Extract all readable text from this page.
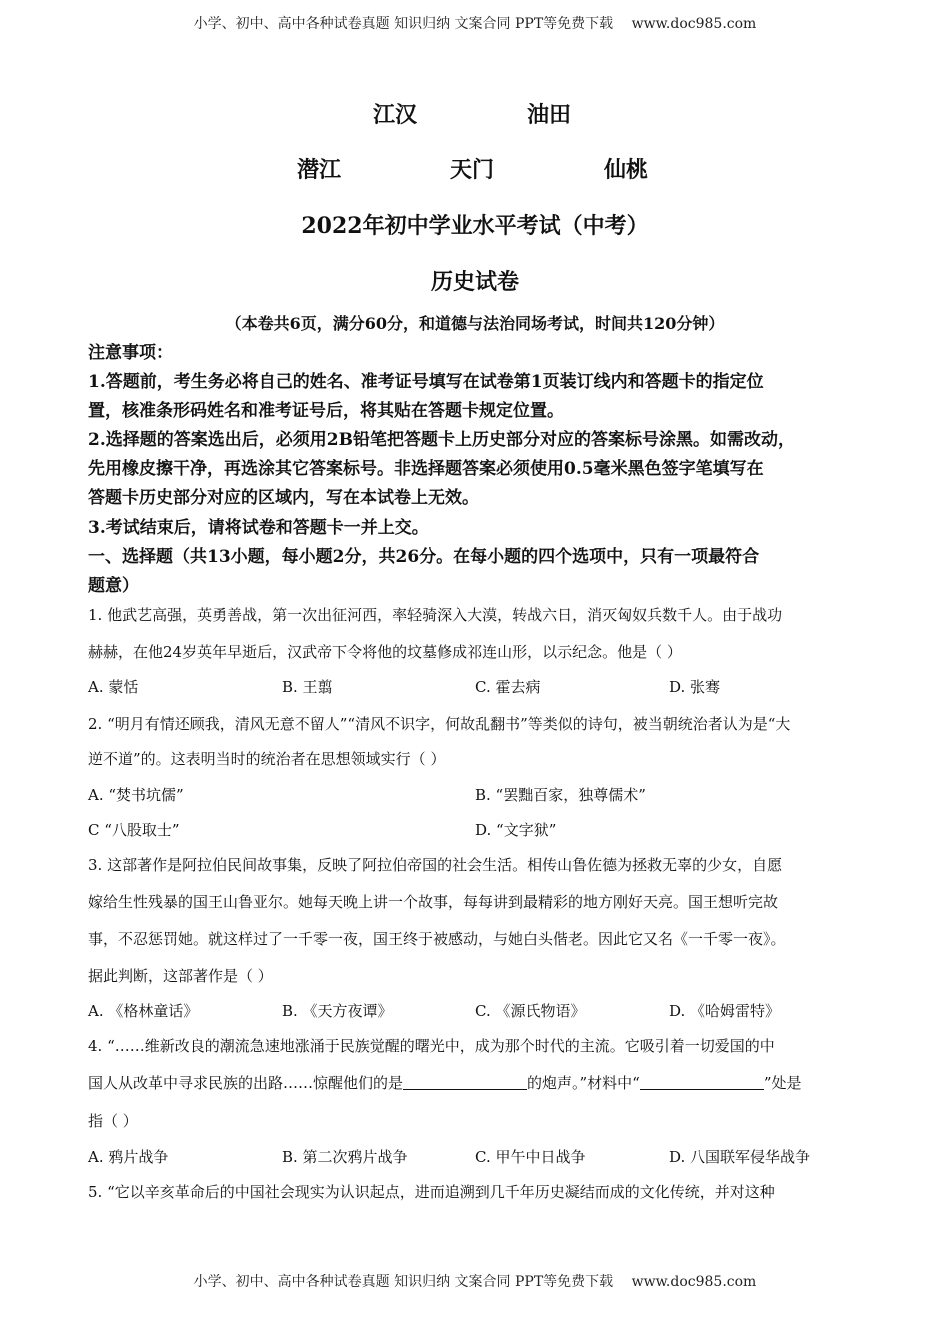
小学、初中、高中各种试卷真题 知识归纳 文案合同 PPT等免费下载 www.doc985.com
江汉	油田
潜江	天门	仙桃
2022年初中学业水平考试（中考）
历史试卷
（本卷共6页，满分60分，和道德与法治同场考试，时间共120分钟）
注意事项：
1.答题前，考生务必将自己的姓名、准考证号填写在试卷第1页装订线内和答题卡的指定位
置，核准条形码姓名和准考证号后，将其贴在答题卡规定位置。
2.选择题的答案选出后，必须用2B铅笔把答题卡上历史部分对应的答案标号涂黑。如需改动，
先用橡皮擦干净，再选涂其它答案标号。非选择题答案必须使用0.5毫米黑色签字笔填写在
答题卡历史部分对应的区域内，写在本试卷上无效。
3.考试结束后，请将试卷和答题卡一并上交。
一、选择题（共13小题，每小题2分，共26分。在每小题的四个选项中，只有一项最符合
题意）
1. 他武艺高强，英勇善战，第一次出征河西，率轻骑深入大漠，转战六日，消灭匈奴兵数千人。由于战功
赫赫，在他24岁英年早逝后，汉武帝下令将他的坟墓修成祁连山形，以示纪念。他是（ ）
A. 蒙恬	B. 王翦	C. 霍去病	D. 张骞
2. “明月有情还顾我，清风无意不留人”“清风不识字，何故乱翻书”等类似的诗句，被当朝统治者认为是“大
逆不道”的。这表明当时的统治者在思想领域实行（ ）
A. “焚书坑儒”	B. “罢黜百家，独尊儒术”
C “八股取士”	D. “文字狱”
3. 这部著作是阿拉伯民间故事集，反映了阿拉伯帝国的社会生活。相传山鲁佐德为拯救无辜的少女，自愿
嫁给生性残暴的国王山鲁亚尔。她每天晚上讲一个故事，每每讲到最精彩的地方刚好天亮。国王想听完故
事，不忍惩罚她。就这样过了一千零一夜，国王终于被感动，与她白头偕老。因此它又名《一千零一夜》。
据此判断，这部著作是（ ）
A. 《格林童话》	B. 《天方夜谭》	C. 《源氏物语》	D. 《哈姆雷特》
4. “……维新改良的潮流急速地涨涌于民族觉醒的曙光中，成为那个时代的主流。它吸引着一切爱国的中
国人从改革中寻求民族的出路……惊醒他们的是	的炮声。”材料中“	”处是
指（ ）
A. 鸦片战争	B. 第二次鸦片战争	C. 甲午中日战争	D. 八国联军侵华战争
5. “它以辛亥革命后的中国社会现实为认识起点，进而追溯到几千年历史凝结而成的文化传统，并对这种
小学、初中、高中各种试卷真题 知识归纳 文案合同 PPT等免费下载 www.doc985.com
